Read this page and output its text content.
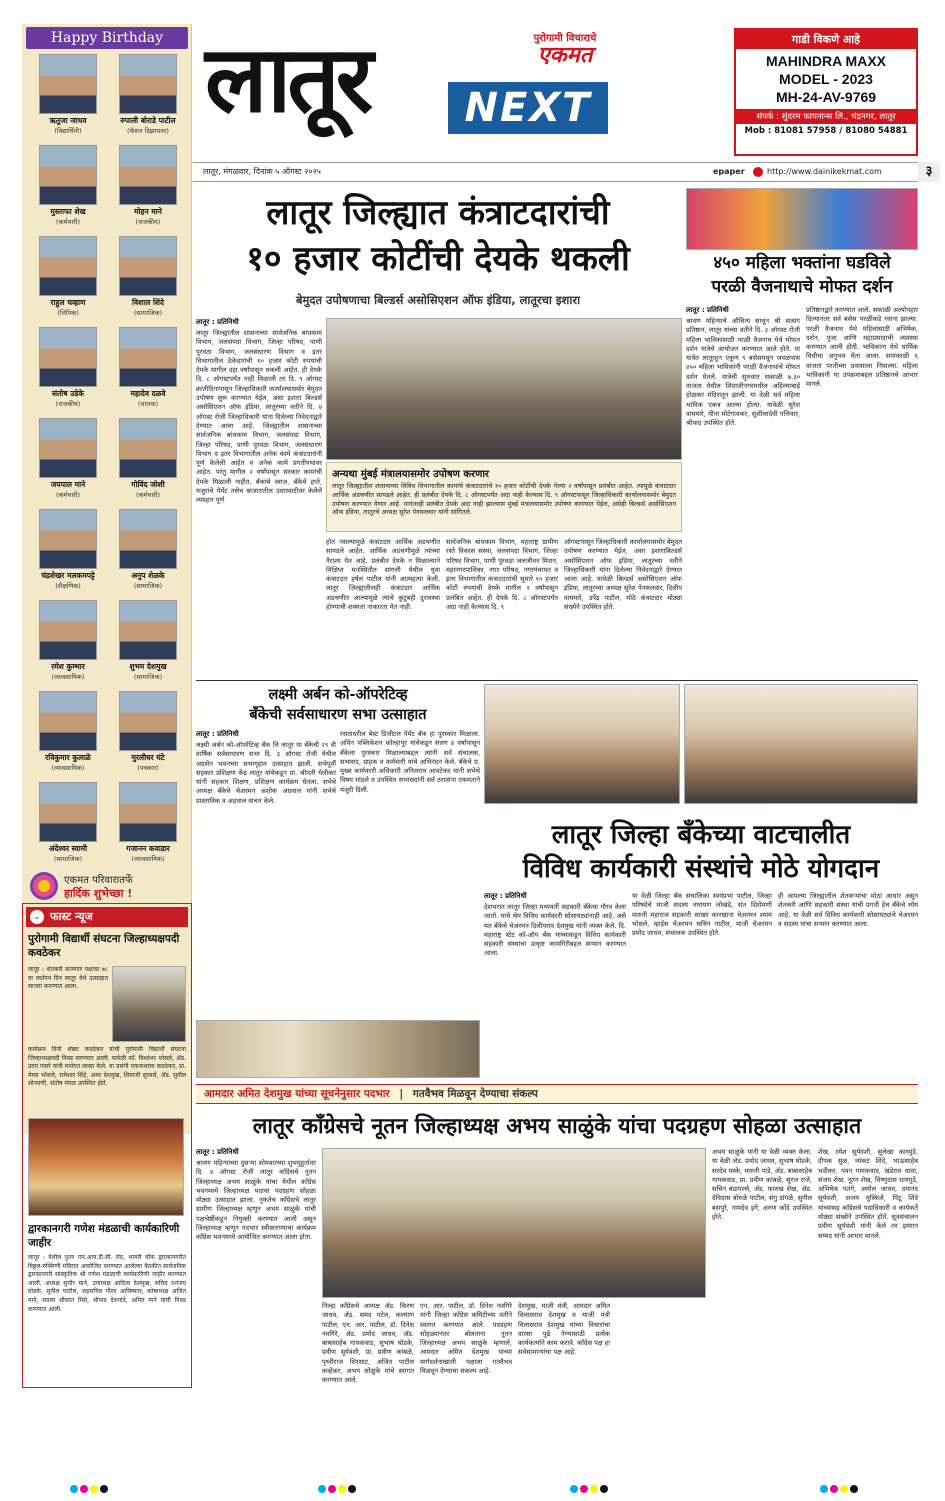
Happy Birthday
ऋतुजा जाधव
(विद्यार्थिनी)
रुपाली बोराडे पाटील
(फॅशन डिझायनर)
मुस्ताफा शेख
(कर्मचारी)
मोहन माने
(राजकीय)
राहुल चव्हाण
(लिपिक)
विशाल शिंदे
(सामाजिक)
संतोष उडेके
(राजकीय)
महादेव दळवे
(चालक)
जयपाल माने
(कर्मचारी)
गोविंद जोशी
(कर्मचारी)
चंद्रशेखर मलकमपट्टे
(शैक्षणिक)
अनुप शेळके
(सामाजिक)
रमेश कुम्भार
(व्यावसायिक)
शुभम देशमुख
(सामाजिक)
रविकुमार कुलाळे
(व्यावसायिक)
मुरलीधर घंटे
(पत्रकार)
अंदेश्वर स्वामी
(सामाजिक)
गजानन कवाडार
(व्यावसायिक)
एकमत परिवारातर्फे
हार्दिक शुभेच्छा !
फास्ट न्यूज
⌄
पुरोगामी विद्यार्थी संघटना जिल्हाध्यक्षपदी कवठेकर
लातूर : शेतकरी कामगार पक्षाचा ७८ वा वर्धापन दिन लातूर येथे उत्साहात साजरा करण्यात आला.
कार्यक्रम दिनी शेखर कवठेकर यांची पुरोगामी विद्यार्थी संघटना जिल्हाध्यक्षपदी निवड करण्यात आली. यावेळी कॉ. विश्वंभर भोसले, ॲड. उदय गवारे यांनी मनोगत व्यक्त केले. या प्रसंगी एकनाथराव कवठेकर, प्रा. मेघ्या भोसले, रामेश्वर सिंहे, अमर देशमुख, शिवाजी सुरवसे, ॲड. सुनील सोनवणी, संतोष मंगळ उपस्थित होते.
द्वारकानगरी गणेश मंडळाची कार्यकारिणी जाहीर
लातूर : येथील नुतन एम.आय.डी.सी. रोड, भामरी चौक द्वारकानगरीत विठ्ठल-रुक्मिणी मंदिरात आयोजित करण्यात आलेल्या बैठकीत सार्वजनिक द्वारकानगरी सांस्कृतिक श्री गणेश मंडळाची कार्यकारिणी जाहीर करण्यात आली. अध्यक्ष सुधीर माने, उपाध्यक्ष आदित्य देशमुख, सचिव धनंजय घोडके, सुनील पाटील, सहसचिव गौरव आविष्कार, कोषाध्यक्ष अजित माने, सदस्य श्रीकांत मिसे, श्रीपाद देशपांडे, अमित माने यांची निवड करण्यात आली.
लातूर	पुरोगामी विचाराचे
एकमत
NEXT
गाडी विकणे आहे
MAHINDRA MAXX
MODEL - 2023
MH-24-AV-9769
संपर्क : सुंदरम फायनान्स लि., चंद्रनगर, लातूर
Mob : 81081 57958 / 81080 54881
लातूर, मंगळवार, दिनांक ५ ऑगस्ट २०२५	epaper	http://www.dainikekmat.com	३
लातूर जिल्ह्यात कंत्राटदारांची
१० हजार कोटींची देयके थकली
बेमुदत उपोषणाचा बिल्डर्स असोसिएशन ऑफ इंडिया, लातूरचा इशारा
लातूर : प्रतिनिधी
लातूर जिल्ह्यातील शासनाच्या सार्वजनिक बांधकाम विभाग, जलसंपदा विभाग, जिल्हा परिषद, पाणी पुरवठा विभाग, जलसंधारण विभाग व इतर विभागातील ठेकेदारांची १० हजार कोटी रुपयांची देयके मागील दहा वर्षांपासून थकली आहेत. ही देयके दि. ८ ऑगस्टपर्यंत नाही मिळाली तर दि. ९ ऑगस्ट क्रांतीदिनापासून जिल्हाधिकारी कार्यालयासमोर बेमुदत उपोषण सुरू करण्यात येईल, असा इशारा बिल्डर्स असोसिएशन ऑफ इंडिया, लातूरच्या वतीने दि. ४ ऑगस्ट रोजी जिल्हाधिकारी यांना दिलेल्या निवेदनाद्वारे देण्यात आला आहे. जिल्ह्यातील शासनाच्या सार्वजनिक बांधकाम विभाग, जलसंपदा विभाग, जिल्हा परिषद, पाणी पुरवठा विभाग, जलसंधारण विभाग व इतर विभागातील अनेक कामे कंत्राटदारांनी पूर्ण केलेली आहेत व अनेक कामे प्रगतीपथावर आहेत. परंतु मागील २ वर्षांपासून सरकार कामांची देयके मिळाली नाहीत. बँकांचे व्याज, बँकेचे हप्ते, मजुरांचे पेमेंट तसेच बाजारातील उधारवाटीवर केलेले व्यवहार पूर्ण
अन्यथा मुंबई मंत्रालयासमोर उपोषण करणार
लातूर जिल्ह्यातील शासनाच्या विविध विभागातील कामांचे कंत्राटदारांचे १० हजार कोटींची देयके गेल्या २ वर्षांपासून प्रलंबीत आहेत. त्यामुळे कंत्राटदार आर्थिक अडचणीत सापडले आहेत. ही प्रलंबीत देयके दि. ८ ऑगस्टपर्यंत अदा नाही केल्यास दि. ९ ऑगस्टपासून जिल्हाधिकारी कार्यालयासमोर बेमुदत उपोषण करण्यात येणार आहे. यानंतरही प्रलंबीत देयके अदा नाही झाल्यास मुंबई मंत्रालयासमोर उपोषण करण्यात येईल, असेही बिल्डर्स असोसिएशन ऑफ इंडिया, लातूरचे अध्यक्ष सुरेश पेनसलवार यांनी सांगितले.
होत नसल्यामुळे कंत्राटदार आर्थिक अडचणीत सापडले आहेत. आर्थिक अडचणीमुळे त्यांच्या नैराश्य येत आहे. प्रलंबीत देयके न मिळाल्याने विक्षिप्त मनस्थितीत सांगली येथील युवा कंत्राटदार हर्षल पाटील यांनी आत्महत्या केली. लातूर जिल्ह्यातीलही कंत्राटदार आर्थिक अडचणीत आल्यामुळे त्यांचे कुटुंबही दुरावस्था होण्याची शक्यता नाकारता येत नाही.
सार्वजनिक बांधकाम विभाग, महाराष्ट्र ग्रामीण रस्ते विकास संस्था, जलसंपदा विभाग, जिल्हा परिषद विभाग, पाणी पुरवठा जलजीवन मिशन, महानगरपालिका, नगर परिषद, नगरपंचायत व इतर विभागातील कंत्राटदारांची सुमारे १० हजार कोटी रुपयांची देयके मागील २ वर्षांपासून प्रलंबित आहेत. ही देयके दि. ८ ऑगस्टपर्यंत अदा नाही केल्यास दि. ९
ऑगस्टपासून जिल्हाधिकारी कार्यालयासमोर बेमुदत उपोषण करण्यात येईल, असा इशाराबिल्डर्स असोसिएशन ऑफ इंडिया, लातूरच्या वतीने जिल्हाधिकारी यांना दिलेल्या निवेदनाद्वारे देण्यात आला आहे. यावेळी बिल्डर्स असोसिएशन ऑफ इंडिया, लातूरच्या अध्यक्ष सुरेश पेनसलवार, दिलीप वाघमारे, उपेंद्र पाटील, मोठे कंत्राटदार मोठ्या संख्येने उपस्थित होते.
४५० महिला भक्तांना घडविले
परळी वैजनाथाचे मोफत दर्शन
लातूर : प्रतिनिधी
श्रावण महिन्याचे औचित्य साधून श्री सत्संग प्रतिष्ठान, लातूर यांच्या वतीने दि. ३ ऑगस्ट रोजी महिला भाविकांसाठी परळी वैजनाथ येथे मोफत दर्शन यात्रेचे आयोजन करण्यात आले होते. या यात्रेत लातूरहून एकूण ९ बसेसमधून जवळपास ४५० महिला भाविकांनी परळी वैजनाथांचे मोफत दर्शन घेतले. यात्रेची सुरुवात सकाळी ७.३० वाजता येथील शिवाजीनगरमधील अहिल्याबाई होळकर मंदिरातून झाली. या वेळी सर्व महिला भाविक एकत्र आल्या होत्या. यावेळी सुरेश वाघमारे, मीना मोटेगावकर, सुशीलादेवी पत्तिवार, श्रीपाद उपस्थित होते.
प्रतिष्ठानद्वारे करण्यात आले. सकाळी अल्पोपहार दिल्यानंतर सर्व बसेस परळीकडे रवाना झाल्या. परळी वैजनाथ येथे महिलांसाठी अभिषेक, दर्शन, पूजा आणि महाप्रसादाची व्यवस्था करण्यात आली होती. भाविकांना येथे धार्मिक विधीचा अनुभव घेता आला. सायंकाळी ६ वाजता परतीच्या प्रवासाला निघाल्या. महिला भाविकांनी या उपक्रमाबद्दल प्रतिष्ठानचे आभार मानले.
लक्ष्मी अर्बन को-ऑपरेटिव्ह
बँकेची सर्वसाधारण सभा उत्साहात
लातूर : प्रतिनिधी
लक्ष्मी अर्बन को-ऑपरेटिव्ह बँक लि लातूर या बँकेची २९ वी वार्षिक सर्वसाधारण सभा दि. ३ ऑगस्ट रोजी येथील अग्रसेन भवनच्या सभागृहात उत्साहात झाली. सभेपूर्वी सहकार प्रशिक्षण केंद्र लातूर यांचेकडून प्रा. श्रीपती येलीकर यांनी सहकार शिक्षण, प्रशिक्षण कार्यक्रम घेतला. सभेचे अध्यक्ष बँकेचे चेअरमन अशोक अग्रवाल यांनी सभेचे प्रास्ताविक व अहवाल वाचन केले.
रसताधरील बेस्ट डिजीटल पेमेंट बँक हा पुरस्कार मिळाला. अविन पब्लिकेशन कोल्हापूर यांचेकडून सलग ४ वर्षापासून बँकेला पुरस्कार मिळाल्याबद्दल त्यांनी सर्व संचालक, सभासद, ग्राहक व कर्मचारी यांचे अभिनंदन केले. बँकेचे प्र. मुख्य कार्यकारी अधिकारी अनिलराव आवटेकर यांनी सभेचे विषय मांडले व उपस्थित सभासदांनी सर्व ठरावांना एकमताने मंजुरी दिली.
लातूर जिल्हा बँकेच्या वाटचालीत
विविध कार्यकारी संस्थांचे मोठे योगदान
लातूर : प्रतिनिधी
देशभरात लातूर जिल्हा मध्यवर्ती सहकारी बँकेचा गौरव केला जातो. याचे श्रेय विविध कार्यकारी सोसायट्यांनाही आहे, असे मत बँकेचे चेअरमन दिलीपराव देशमुख यांनी व्यक्त केले. दि. महाराष्ट्र स्टेट को-ऑप बँक यांच्याकडून विविध कार्यकारी सहकारी संस्थांचा उत्कृष्ट कामगिरीबद्दल सन्मान करण्यात आला.
या वेळी जिल्हा बँक संचालिका स्वयंप्रभा पाटील, जिल्हा परिषदेचे माजी सदस्य नारायण लोखंडे, संत शिरोमणी मारुती महाराज सहकारी साखर कारखाना चेअरमन श्याम भोसले, व्हाईस चेअरमन सचिन पाटील, माजी चेअरमन प्रमोद जाधव, संचालक उपस्थित होते.
ही आपल्या जिल्ह्यातील शेतकऱ्यांचा मोठा आधार असून शेतकरी आणि सहकारी संस्था यांची प्रगती हेच बँकेचे ध्येय आहे. या वेळी सर्व विविध कार्यकारी सोसायट्यांचे चेअरमन व सदस्य यांचा सन्मान करण्यात आला.
आमदार अमित देशमुख यांच्या सूचनेनुसार पदभार | गतवैभव मिळवून देण्याचा संकल्प
लातूर कॉंग्रेसचे नूतन जिल्हाध्यक्ष अभय साळुंके यांचा पदग्रहण सोहळा उत्साहात
लातूर : प्रतिनिधी
श्रावण महिन्याच्या दुसऱ्या सोमवारच्या शुभमुहूर्तावर दि. ४ ऑगस्ट रोजी लातूर कॉंग्रेसचे नुतन जिल्हाध्यक्ष अभय साळुंके यांचा येथील कॉंग्रेस भवनमध्ये जिल्हाध्यक्ष पदाचा पदग्रहण सोहळा मोठ्या उत्साहात झाला. नुकतेच कॉंग्रेसचे लातूर ग्रामीण जिल्हाध्यक्ष म्हणून अभय साळुंके यांची पक्षश्रेष्ठींकडून नियुक्ती करण्यात आली असून जिल्हाध्यक्ष म्हणून पदभार स्वीकारण्याचा कार्यक्रम कॉंग्रेस भवनमध्ये आयोजित करण्यात आला होता.
निल्हा कॉंग्रेसचे अध्यक्ष ॲड. किरण जाधव, ॲड. समद पटेल, कल्याण पाटील, एन. आर. पाटील, डॉ. दिनेश नवगिरे, ॲड. प्रमोद जाधव, ॲड. बाबासाहेब गायकवाड, सुभाष घोडके, प्रवीण सूर्यवंशी, प्रा. प्रवीण कांबळे, पृथ्वीराज शिरसाट, अजित पाटील कव्हेकर, अभय सोळुंके यांचे स्वागत करण्यात आले.
एन. आर. पाटील, डॉ. दिनेश नवगिरे यांनी जिल्हा कॉंग्रेस कमिटीच्या वतीने स्वागत करण्यात आले. पदग्रहण सोहळ्यानंतर बोलताना नूतन जिल्हाध्यक्ष अभय साळुंके म्हणाले, आमदार अमित देशमुख यांच्या मार्गदर्शनाखाली पक्षाला गतवैभव मिळवून देण्याचा संकल्प आहे.
देशमुख, माजी मंत्री, आमदार अमित विलासराव देशमुख व माजी मंत्री विलासराव देशमुख यांच्या विचारांचा वारसा पुढे नेण्यासाठी प्रत्येक कार्यकर्त्याने काम करावे. कॉंग्रेस पक्ष हा सर्वसामान्यांचा पक्ष आहे.
अभय साळुंके यांनी या वेळी व्यक्त केला. या वेळी ॲड. प्रमोद जाधव, सुभाष घोडके, सरदेव मस्के, मारुती पांडे, ॲड. बाबासाहेब गायकवाड, प्रा. प्रवीण कांबळे, सुरज राजे, सचिन बंडापल्ले, ॲड. फारुख शेख, ॲड. देविदास बोरुळे पाटील, संगु डांगळे, सुनील बसपुरे, नामदेव इगे, अरुण कोंडे उपस्थित होते.
शेख, रमेश सूर्यवंशी, सुलेखा कारमुंडे, दीपक सुळ, व्यंकट शिंदे, भाऊसाहेब भडीकर, पवन गायकवाड, खंडेराव धावा, संजय शेख, नूतन शेख, विष्णुदास धायगुडे, अभिषेक पतंगे, अमोल जाधव, दयानंद सूर्यवंशी, अजय मुस्किले, पिंटू शिंदे यांच्यासह कॉंग्रेसचे पदाधिकारी व कार्यकर्ते मोठ्या संख्येने उपस्थित होते. सूत्रसंचालन प्रवीण सूर्यवंशी यांनी केले तर इमरान सय्यद यांनी आभार मानले.
